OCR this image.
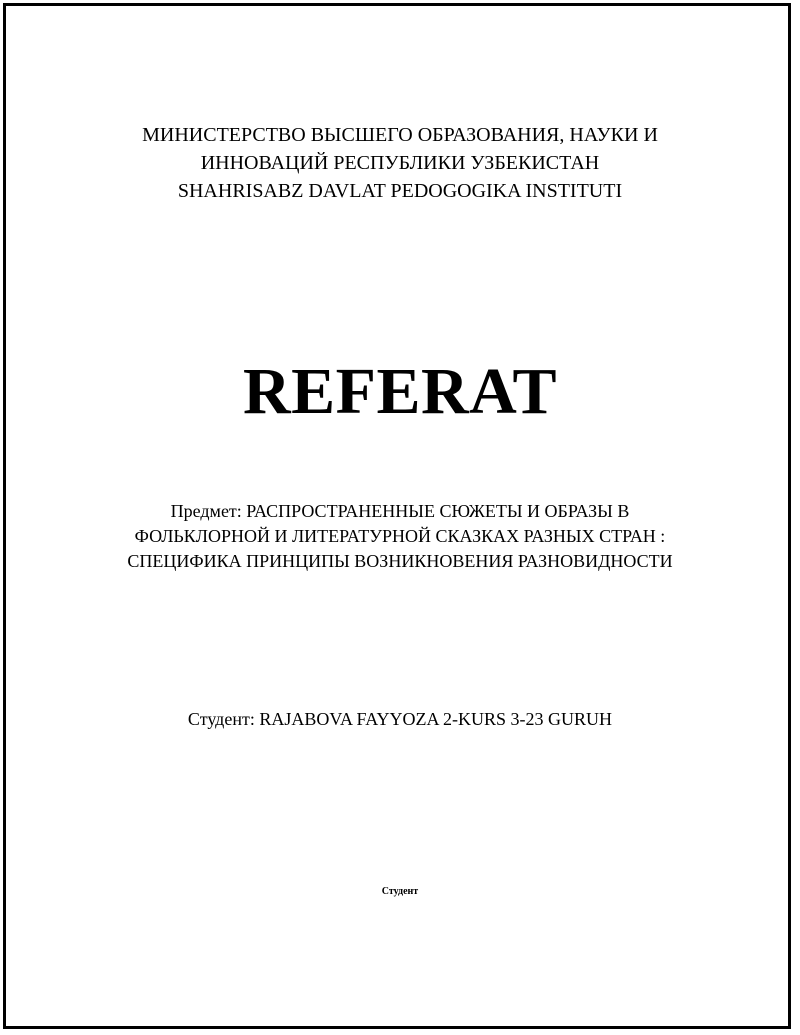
МИНИСТЕРСТВО ВЫСШЕГО ОБРАЗОВАНИЯ, НАУКИ И
ИННОВАЦИЙ РЕСПУБЛИКИ УЗБЕКИСТАН
SHAHRISABZ DAVLAT PEDOGOGIKA INSTITUTI
REFERAT
Предмет: РАСПРОСТРАНЕННЫЕ СЮЖЕТЫ И ОБРАЗЫ В
ФОЛЬКЛОРНОЙ И ЛИТЕРАТУРНОЙ СКАЗКАХ РАЗНЫХ СТРАН :
СПЕЦИФИКА ПРИНЦИПЫ ВОЗНИКНОВЕНИЯ РАЗНОВИДНОСТИ
Студент: RAJABOVA FAYYOZA 2-KURS 3-23 GURUH
Студент
